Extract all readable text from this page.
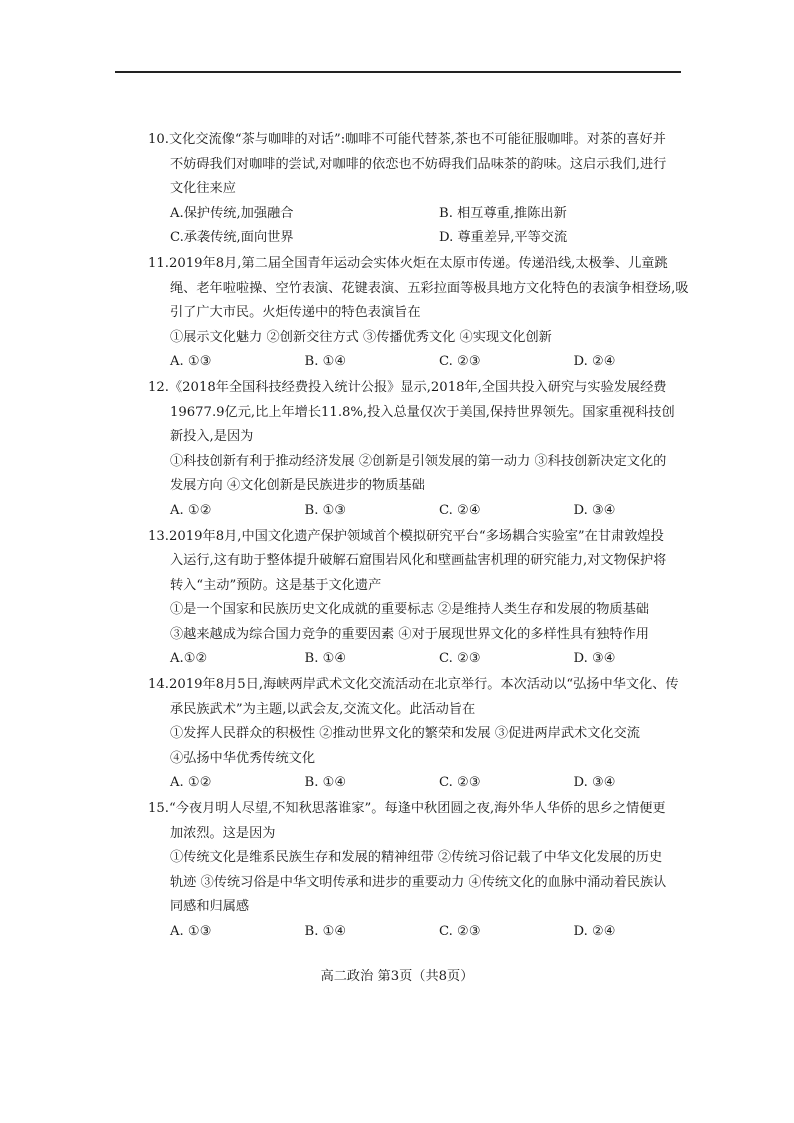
10.文化交流像“茶与咖啡的对话”:咖啡不可能代替茶,茶也不可能征服咖啡。对茶的喜好并
不妨碍我们对咖啡的尝试,对咖啡的依恋也不妨碍我们品味茶的韵味。这启示我们,进行
文化往来应
A.保护传统,加强融合	B. 相互尊重,推陈出新
C.承袭传统,面向世界	D. 尊重差异,平等交流
11.2019年8月,第二届全国青年运动会实体火炬在太原市传递。传递沿线,太极拳、儿童跳
绳、老年啦啦操、空竹表演、花键表演、五彩拉面等极具地方文化特色的表演争相登场,吸
引了广大市民。火炬传递中的特色表演旨在
①展示文化魅力 ②创新交往方式 ③传播优秀文化 ④实现文化创新
A. ①③	B. ①④	C. ②③	D. ②④
12.《2018年全国科技经费投入统计公报》显示,2018年,全国共投入研究与实验发展经费
19677.9亿元,比上年增长11.8%,投入总量仅次于美国,保持世界领先。国家重视科技创
新投入,是因为
①科技创新有利于推动经济发展 ②创新是引领发展的第一动力 ③科技创新决定文化的
发展方向 ④文化创新是民族进步的物质基础
A. ①②	B. ①③	C. ②④	D. ③④
13.2019年8月,中国文化遗产保护领域首个模拟研究平台“多场耦合实验室”在甘肃敦煌投
入运行,这有助于整体提升破解石窟围岩风化和壁画盐害机理的研究能力,对文物保护将
转入“主动”预防。这是基于文化遗产
①是一个国家和民族历史文化成就的重要标志 ②是维持人类生存和发展的物质基础
③越来越成为综合国力竞争的重要因素 ④对于展现世界文化的多样性具有独特作用
A.①②	B. ①④	C. ②③	D. ③④
14.2019年8月5日,海峡两岸武术文化交流活动在北京举行。本次活动以“弘扬中华文化、传
承民族武术”为主题,以武会友,交流文化。此活动旨在
①发挥人民群众的积极性 ②推动世界文化的繁荣和发展 ③促进两岸武术文化交流
④弘扬中华优秀传统文化
A. ①②	B. ①④	C. ②③	D. ③④
15.“今夜月明人尽望,不知秋思落谁家”。每逢中秋团圆之夜,海外华人华侨的思乡之情便更
加浓烈。这是因为
①传统文化是维系民族生存和发展的精神纽带 ②传统习俗记载了中华文化发展的历史
轨迹 ③传统习俗是中华文明传承和进步的重要动力 ④传统文化的血脉中涌动着民族认
同感和归属感
A. ①③	B. ①④	C. ②③	D. ②④
高二政治 第3页（共8页）
